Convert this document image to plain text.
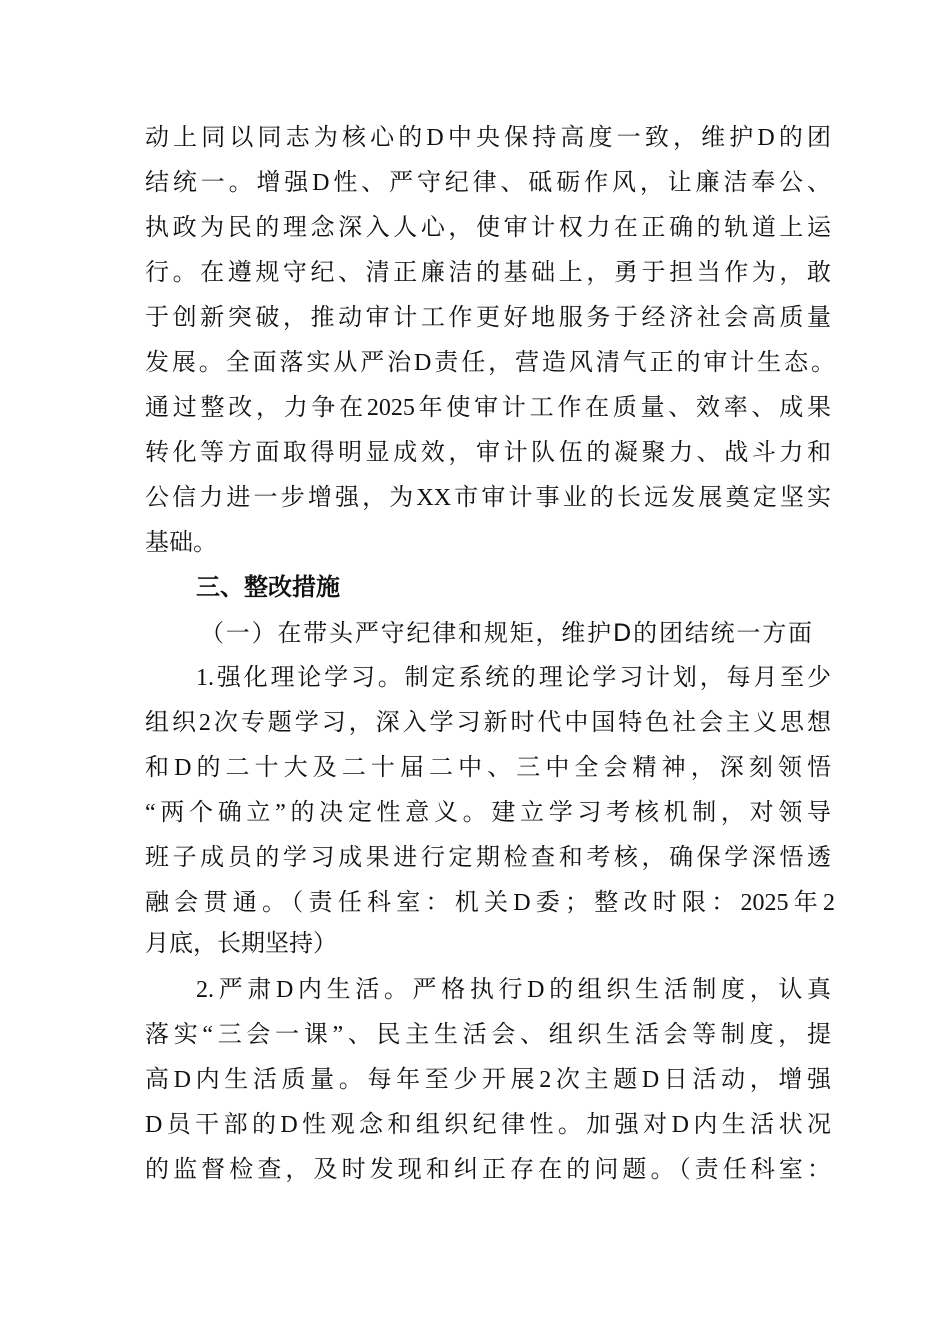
动上同以同志为核心的D中央保持高度一致，维护D的团
结统一。增强D性、严守纪律、砥砺作风，让廉洁奉公、
执政为民的理念深入人心，使审计权力在正确的轨道上运
行。在遵规守纪、清正廉洁的基础上，勇于担当作为，敢
于创新突破，推动审计工作更好地服务于经济社会高质量
发展。全面落实从严治D责任，营造风清气正的审计生态。
通过整改，力争在2025年使审计工作在质量、效率、成果
转化等方面取得明显成效，审计队伍的凝聚力、战斗力和
公信力进一步增强，为XX市审计事业的长远发展奠定坚实
基础。
三、整改措施
（一）在带头严守纪律和规矩，维护D的团结统一方面
1.强化理论学习。制定系统的理论学习计划，每月至少
组织2次专题学习，深入学习新时代中国特色社会主义思想
和D的二十大及二十届二中、三中全会精神，深刻领悟
“两个确立”的决定性意义。建立学习考核机制，对领导
班子成员的学习成果进行定期检查和考核，确保学深悟透
融会贯通。（责任科室：机关D委；整改时限：2025年2
月底，长期坚持）
2.严肃D内生活。严格执行D的组织生活制度，认真
落实“三会一课”、民主生活会、组织生活会等制度，提
高D内生活质量。每年至少开展2次主题D日活动，增强
D员干部的D性观念和组织纪律性。加强对D内生活状况
的监督检查，及时发现和纠正存在的问题。（责任科室：
